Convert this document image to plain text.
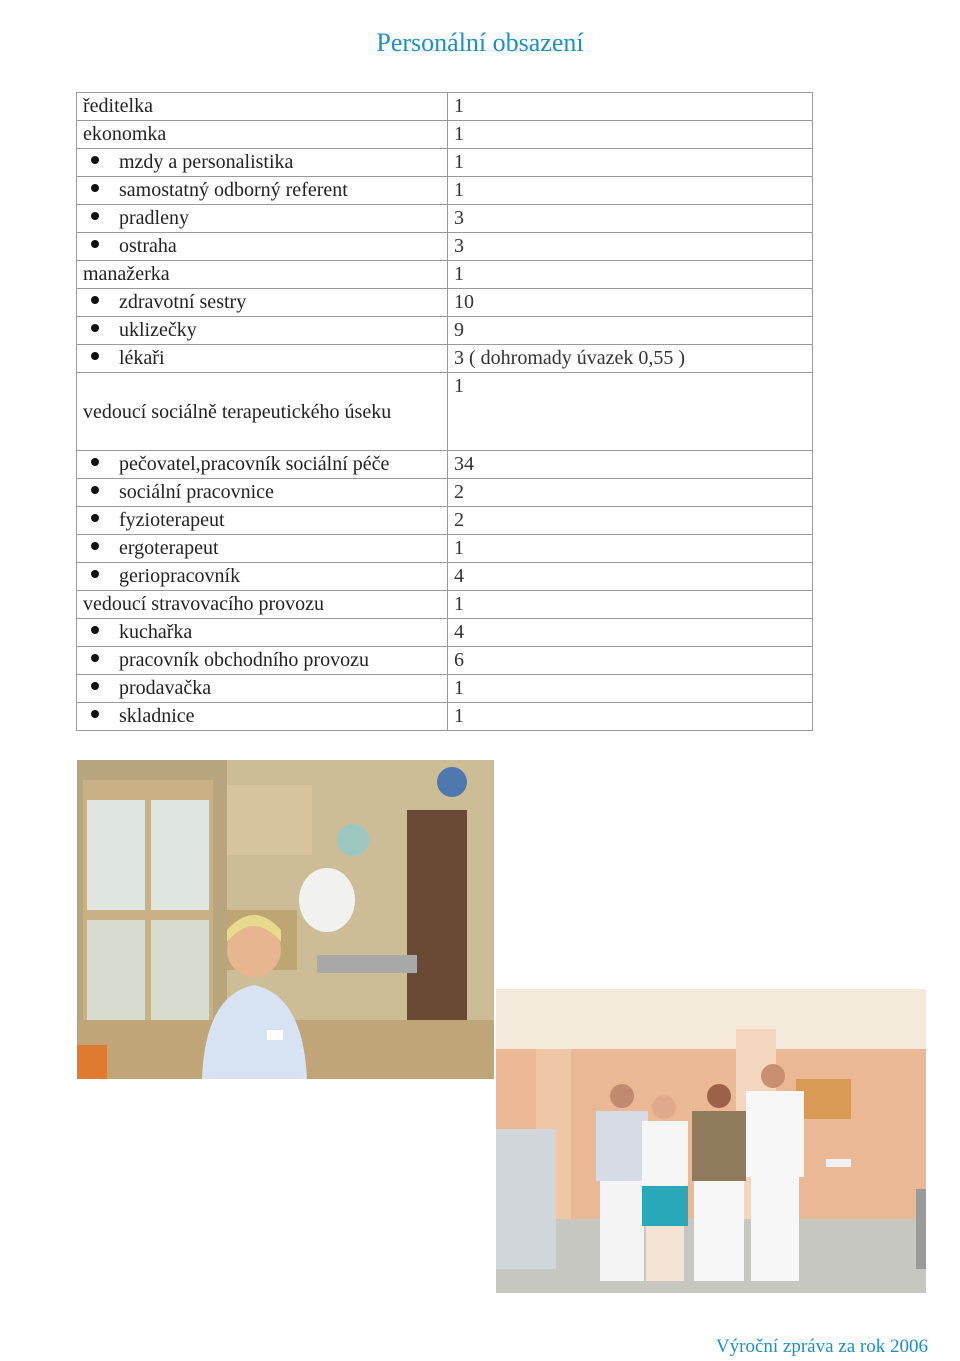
Personální obsazení
ředitelka	1
ekonomka	1
mzdy a personalistika	1
samostatný odborný referent	1
pradleny	3
ostraha	3
manažerka	1
zdravotní sestry	10
uklizečky	9
lékaři	3 ( dohromady úvazek 0,55 )
vedoucí sociálně terapeutického úseku	1
pečovatel,pracovník sociální péče	34
sociální pracovnice	2
fyzioterapeut	2
ergoterapeut	1
geriopracovník	4
vedoucí stravovacího provozu	1
kuchařka	4
pracovník obchodního provozu	6
prodavačka	1
skladnice	1
Výroční zpráva za rok 2006
